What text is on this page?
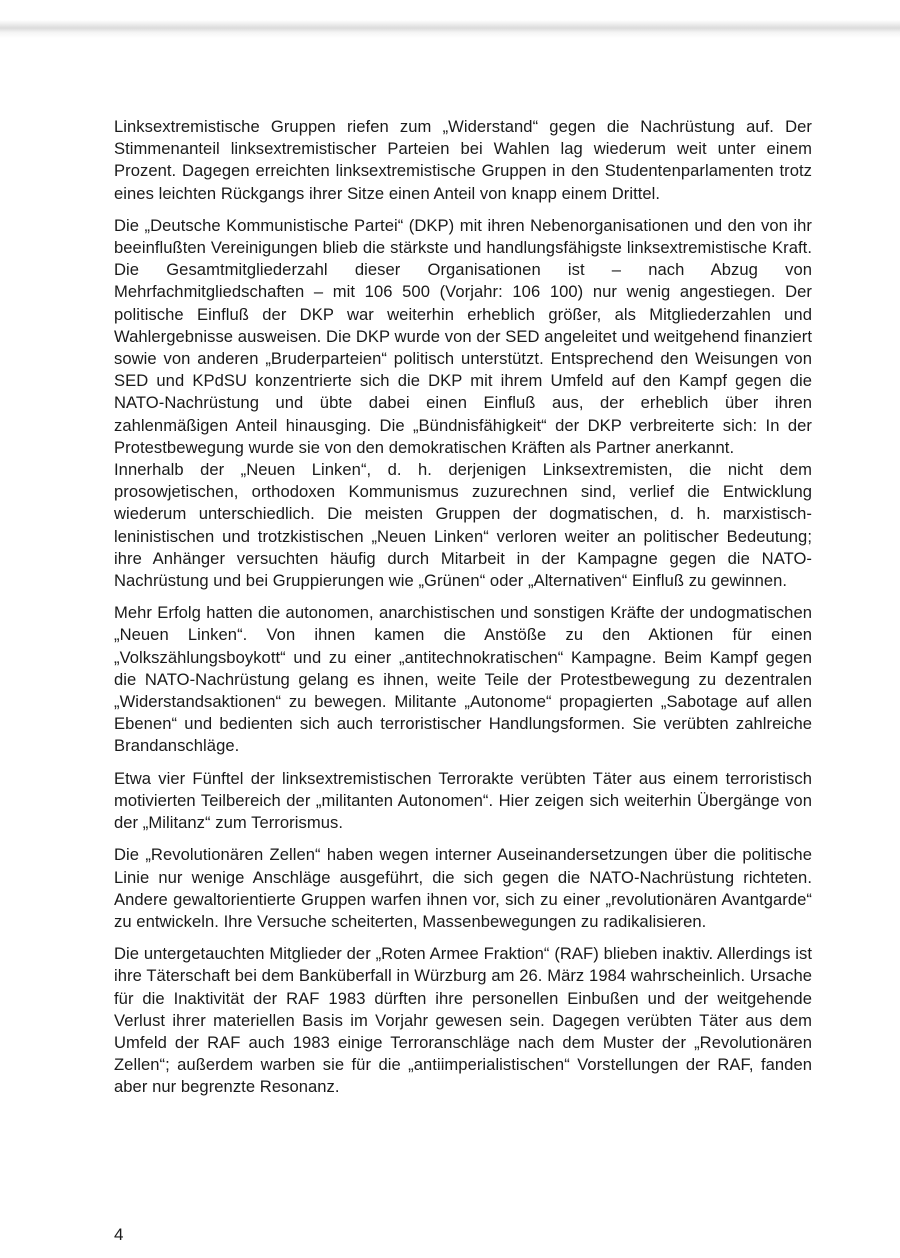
Linksextremistische Gruppen riefen zum „Widerstand“ gegen die Nachrüstung auf. Der Stimmenanteil linksextremistischer Parteien bei Wahlen lag wiederum weit unter einem Prozent. Dagegen erreichten linksextremistische Gruppen in den Studentenparlamenten trotz eines leichten Rückgangs ihrer Sitze einen Anteil von knapp einem Drittel.

Die „Deutsche Kommunistische Partei“ (DKP) mit ihren Nebenorganisationen und den von ihr beeinflußten Vereinigungen blieb die stärkste und handlungsfähigste linksextremistische Kraft. Die Gesamtmitgliederzahl dieser Organisationen ist – nach Abzug von Mehrfachmitgliedschaften – mit 106 500 (Vorjahr: 106 100) nur wenig angestiegen. Der politische Einfluß der DKP war weiterhin erheblich größer, als Mitgliederzahlen und Wahlergebnisse ausweisen. Die DKP wurde von der SED angeleitet und weitgehend finanziert sowie von anderen „Bruderparteien“ politisch unterstützt. Entsprechend den Weisungen von SED und KPdSU konzentrierte sich die DKP mit ihrem Umfeld auf den Kampf gegen die NATO-Nachrüstung und übte dabei einen Einfluß aus, der erheblich über ihren zahlenmäßigen Anteil hinausging. Die „Bündnisfähigkeit“ der DKP verbreiterte sich: In der Protestbewegung wurde sie von den demokratischen Kräften als Partner anerkannt.

Innerhalb der „Neuen Linken“, d. h. derjenigen Linksextremisten, die nicht dem prosowjetischen, orthodoxen Kommunismus zuzurechnen sind, verlief die Entwicklung wiederum unterschiedlich. Die meisten Gruppen der dogmatischen, d. h. marxistisch-leninistischen und trotzkistischen „Neuen Linken“ verloren weiter an politischer Bedeutung; ihre Anhänger versuchten häufig durch Mitarbeit in der Kampagne gegen die NATO-Nachrüstung und bei Gruppierungen wie „Grünen“ oder „Alternativen“ Einfluß zu gewinnen.

Mehr Erfolg hatten die autonomen, anarchistischen und sonstigen Kräfte der undogmatischen „Neuen Linken“. Von ihnen kamen die Anstöße zu den Aktionen für einen „Volkszählungsboykott“ und zu einer „antitechnokratischen“ Kampagne. Beim Kampf gegen die NATO-Nachrüstung gelang es ihnen, weite Teile der Protestbewegung zu dezentralen „Widerstandsaktionen“ zu bewegen. Militante „Autonome“ propagierten „Sabotage auf allen Ebenen“ und bedienten sich auch terroristischer Handlungsformen. Sie verübten zahlreiche Brandanschläge.

Etwa vier Fünftel der linksextremistischen Terrorakte verübten Täter aus einem terroristisch motivierten Teilbereich der „militanten Autonomen“. Hier zeigen sich weiterhin Übergänge von der „Militanz“ zum Terrorismus.

Die „Revolutionären Zellen“ haben wegen interner Auseinandersetzungen über die politische Linie nur wenige Anschläge ausgeführt, die sich gegen die NATO-Nachrüstung richteten. Andere gewaltorientierte Gruppen warfen ihnen vor, sich zu einer „revolutionären Avantgarde“ zu entwickeln. Ihre Versuche scheiterten, Massenbewegungen zu radikalisieren.

Die untergetauchten Mitglieder der „Roten Armee Fraktion“ (RAF) blieben inaktiv. Allerdings ist ihre Täterschaft bei dem Banküberfall in Würzburg am 26. März 1984 wahrscheinlich. Ursache für die Inaktivität der RAF 1983 dürften ihre personellen Einbußen und der weitgehende Verlust ihrer materiellen Basis im Vorjahr gewesen sein. Dagegen verübten Täter aus dem Umfeld der RAF auch 1983 einige Terroranschläge nach dem Muster der „Revolutionären Zellen“; außerdem warben sie für die „antiimperialistischen“ Vorstellungen der RAF, fanden aber nur begrenzte Resonanz.

4
